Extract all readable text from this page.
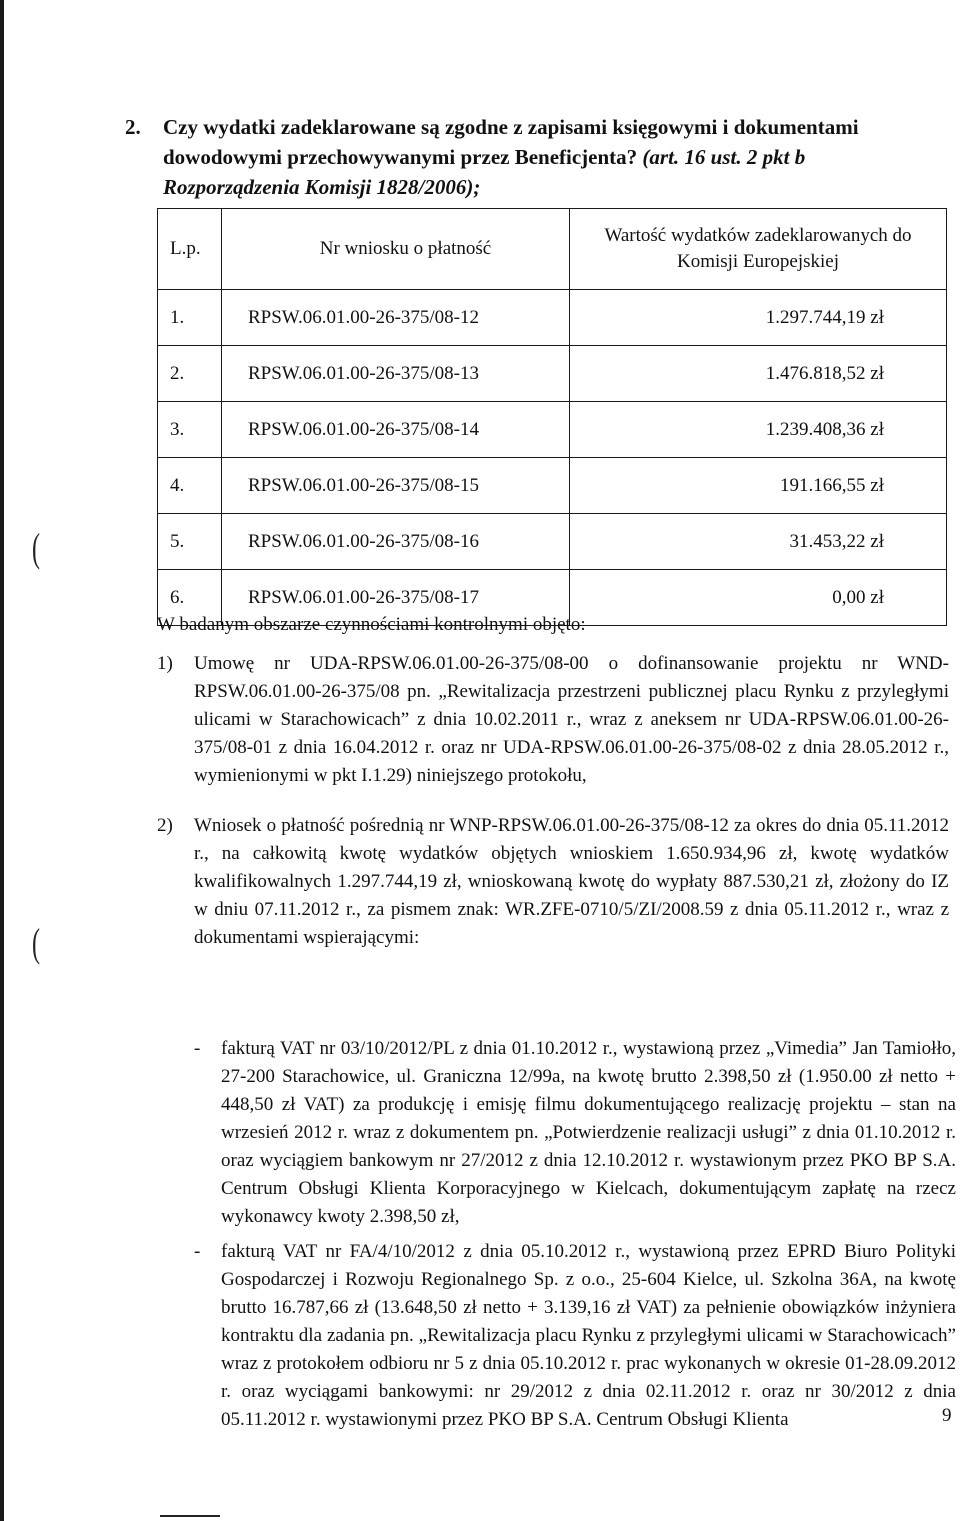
(
(
2.	Czy wydatki zadeklarowane są zgodne z zapisami księgowymi i dokumentami dowodowymi przechowywanymi przez Beneficjenta? (art. 16 ust. 2 pkt b Rozporządzenia Komisji 1828/2006);
L.p.	Nr wniosku o płatność	Wartość wydatków zadeklarowanych do Komisji Europejskiej
1.	RPSW.06.01.00-26-375/08-12	1.297.744,19 zł
2.	RPSW.06.01.00-26-375/08-13	1.476.818,52 zł
3.	RPSW.06.01.00-26-375/08-14	1.239.408,36 zł
4.	RPSW.06.01.00-26-375/08-15	191.166,55 zł
5.	RPSW.06.01.00-26-375/08-16	31.453,22 zł
6.	RPSW.06.01.00-26-375/08-17	0,00 zł
W badanym obszarze czynnościami kontrolnymi objęto:
1) Umowę nr UDA-RPSW.06.01.00-26-375/08-00 o dofinansowanie projektu nr WND-RPSW.06.01.00-26-375/08 pn. „Rewitalizacja przestrzeni publicznej placu Rynku z przyległymi ulicami w Starachowicach” z dnia 10.02.2011 r., wraz z aneksem nr UDA-RPSW.06.01.00-26-375/08-01 z dnia 16.04.2012 r. oraz nr UDA-RPSW.06.01.00-26-375/08-02 z dnia 28.05.2012 r., wymienionymi w pkt I.1.29) niniejszego protokołu,
2) Wniosek o płatność pośrednią nr WNP-RPSW.06.01.00-26-375/08-12 za okres do dnia 05.11.2012 r., na całkowitą kwotę wydatków objętych wnioskiem 1.650.934,96 zł, kwotę wydatków kwalifikowalnych 1.297.744,19 zł, wnioskowaną kwotę do wypłaty 887.530,21 zł, złożony do IZ w dniu 07.11.2012 r., za pismem znak: WR.ZFE-0710/5/ZI/2008.59 z dnia 05.11.2012 r., wraz z dokumentami wspierającymi:
- fakturą VAT nr 03/10/2012/PL z dnia 01.10.2012 r., wystawioną przez „Vimedia” Jan Tamiołło, 27-200 Starachowice, ul. Graniczna 12/99a, na kwotę brutto 2.398,50 zł (1.950.00 zł netto + 448,50 zł VAT) za produkcję i emisję filmu dokumentującego realizację projektu – stan na wrzesień 2012 r. wraz z dokumentem pn. „Potwierdzenie realizacji usługi” z dnia 01.10.2012 r. oraz wyciągiem bankowym nr 27/2012 z dnia 12.10.2012 r. wystawionym przez PKO BP S.A. Centrum Obsługi Klienta Korporacyjnego w Kielcach, dokumentującym zapłatę na rzecz wykonawcy kwoty 2.398,50 zł,
- fakturą VAT nr FA/4/10/2012 z dnia 05.10.2012 r., wystawioną przez EPRD Biuro Polityki Gospodarczej i Rozwoju Regionalnego Sp. z o.o., 25-604 Kielce, ul. Szkolna 36A, na kwotę brutto 16.787,66 zł (13.648,50 zł netto + 3.139,16 zł VAT) za pełnienie obowiązków inżyniera kontraktu dla zadania pn. „Rewitalizacja placu Rynku z przyległymi ulicami w Starachowicach” wraz z protokołem odbioru nr 5 z dnia 05.10.2012 r. prac wykonanych w okresie 01-28.09.2012 r. oraz wyciągami bankowymi: nr 29/2012 z dnia 02.11.2012 r. oraz nr 30/2012 z dnia 05.11.2012 r. wystawionymi przez PKO BP S.A. Centrum Obsługi Klienta	9
